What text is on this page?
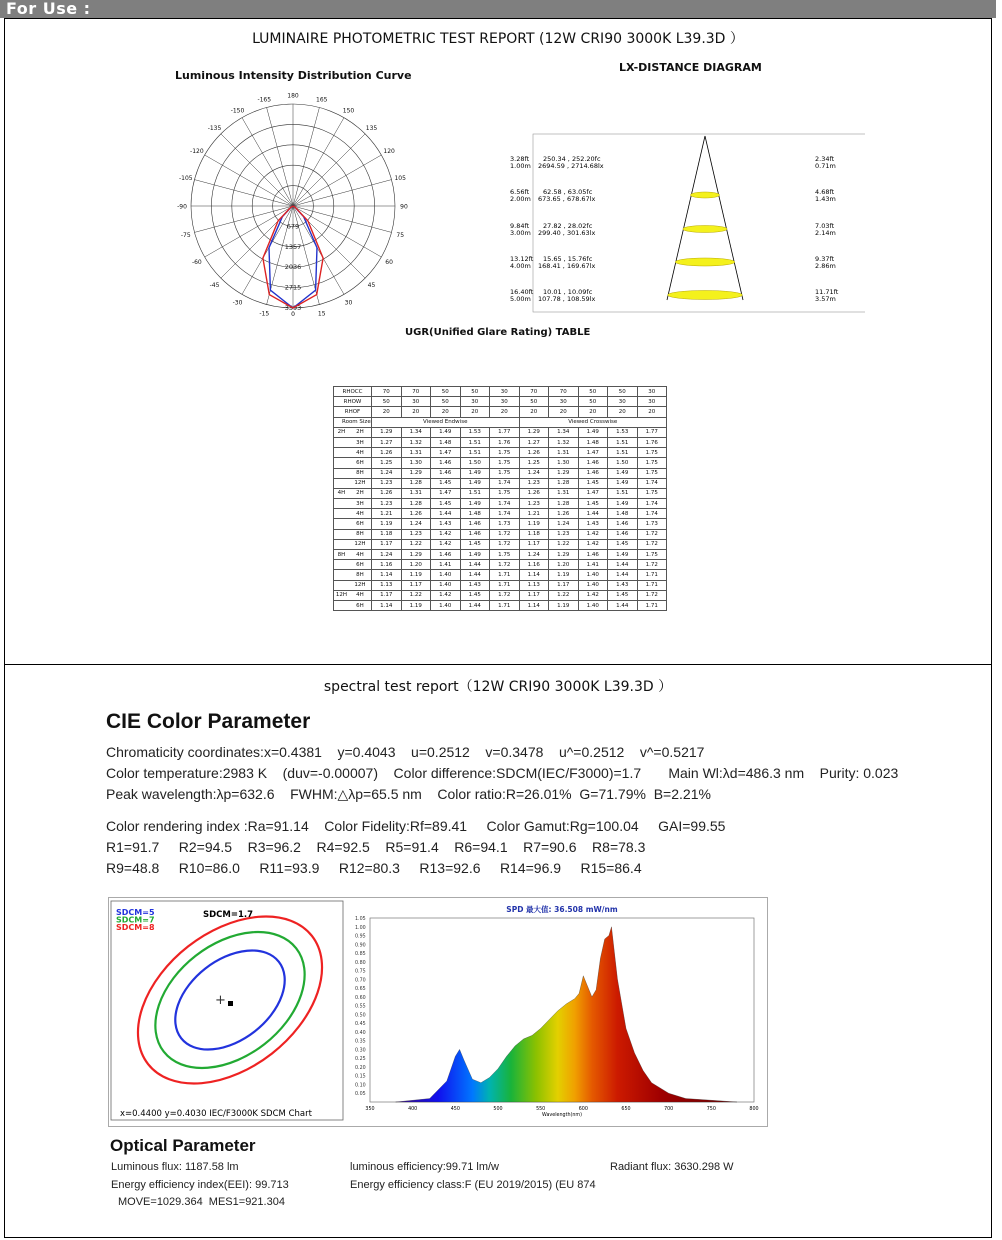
For Use :
LUMINAIRE PHOTOMETRIC TEST REPORT (12W CRI90 3000K L39.3D ）
Luminous Intensity Distribution Curve
LX-DISTANCE DIAGRAM
180
165
-165
150
-150
135
-135
120
-120
105
-105
90
-90
75
-75
60
-60
45
-45
30
-30
15
-15	0
679
1357
2036
2715
3393
3.28ft
1.00m
250.34 , 252.20fc
2694.59 , 2714.68lx
2.34ft
0.71m
6.56ft
2.00m
62.58 , 63.05fc
673.65 , 678.67lx
4.68ft
1.43m
9.84ft
3.00m
27.82 , 28.02fc
299.40 , 301.63lx
7.03ft
2.14m
13.12ft
4.00m
15.65 , 15.76fc
168.41 , 169.67lx
9.37ft
2.86m
16.40ft
5.00m
10.01 , 10.09fc
107.78 , 108.59lx
11.71ft
3.57m
UGR(Unified Glare Rating) TABLE
RHOCC		70	70	50	50	30	70	70	50	50	30
RHOW		50	30	50	30	30	50	30	50	30	30
RHOF		20	20	20	20	20	20	20	20	20	20
Room Size		Viewed Endwise					Viewed Crosswise				
2H	2H	1.29	1.34	1.49	1.53	1.77	1.29	1.34	1.49	1.53	1.77
	3H	1.27	1.32	1.48	1.51	1.76	1.27	1.32	1.48	1.51	1.76
	4H	1.26	1.31	1.47	1.51	1.75	1.26	1.31	1.47	1.51	1.75
	6H	1.25	1.30	1.46	1.50	1.75	1.25	1.30	1.46	1.50	1.75
	8H	1.24	1.29	1.46	1.49	1.75	1.24	1.29	1.46	1.49	1.75
	12H	1.23	1.28	1.45	1.49	1.74	1.23	1.28	1.45	1.49	1.74
4H	2H	1.26	1.31	1.47	1.51	1.75	1.26	1.31	1.47	1.51	1.75
	3H	1.23	1.28	1.45	1.49	1.74	1.23	1.28	1.45	1.49	1.74
	4H	1.21	1.26	1.44	1.48	1.74	1.21	1.26	1.44	1.48	1.74
	6H	1.19	1.24	1.43	1.46	1.73	1.19	1.24	1.43	1.46	1.73
	8H	1.18	1.23	1.42	1.46	1.72	1.18	1.23	1.42	1.46	1.72
	12H	1.17	1.22	1.42	1.45	1.72	1.17	1.22	1.42	1.45	1.72
8H	4H	1.24	1.29	1.46	1.49	1.75	1.24	1.29	1.46	1.49	1.75
	6H	1.16	1.20	1.41	1.44	1.72	1.16	1.20	1.41	1.44	1.72
	8H	1.14	1.19	1.40	1.44	1.71	1.14	1.19	1.40	1.44	1.71
	12H	1.13	1.17	1.40	1.43	1.71	1.13	1.17	1.40	1.43	1.71
12H	4H	1.17	1.22	1.42	1.45	1.72	1.17	1.22	1.42	1.45	1.72
	6H	1.14	1.19	1.40	1.44	1.71	1.14	1.19	1.40	1.44	1.71
spectral test report（12W CRI90 3000K L39.3D ）
CIE Color Parameter
Chromaticity coordinates:x=0.4381    y=0.4043    u=0.2512    v=0.3478    u^=0.2512    v^=0.5217
Color temperature:2983 K    (duv=-0.00007)    Color difference:SDCM(IEC/F3000)=1.7       Main Wl:λd=486.3 nm    Purity: 0.023
Peak wavelength:λp=632.6    FWHM:△λp=65.5 nm    Color ratio:R=26.01%  G=71.79%  B=2.21%
Color rendering index :Ra=91.14    Color Fidelity:Rf=89.41     Color Gamut:Rg=100.04     GAI=99.55
R1=91.7     R2=94.5    R3=96.2    R4=92.5    R5=91.4    R6=94.1    R7=90.6    R8=78.3
R9=48.8     R10=86.0     R11=93.9     R12=80.3     R13=92.6     R14=96.9     R15=86.4
SDCM=5
SDCM=7
SDCM=8
SDCM=1.7
+
x=0.4400 y=0.4030 IEC/F3000K SDCM Chart
SPD 最大值: 36.508 mW/nm
1.05
1.00
0.95
0.90
0.85
0.80
0.75
0.70
0.65
0.60
0.55
0.50
0.45
0.40
0.35
0.30
0.25
0.20
0.15
0.10
0.05
350	400	450	500	550	600	650	700	750	800
Wavelength(nm)
Optical Parameter
Luminous flux: 1187.58 lm	luminous efficiency:99.71 lm/w	Radiant flux: 3630.298 W
Energy efficiency index(EEI): 99.713	Energy efficiency class:F (EU 2019/2015) (EU 874
MOVE=1029.364  MES1=921.304
